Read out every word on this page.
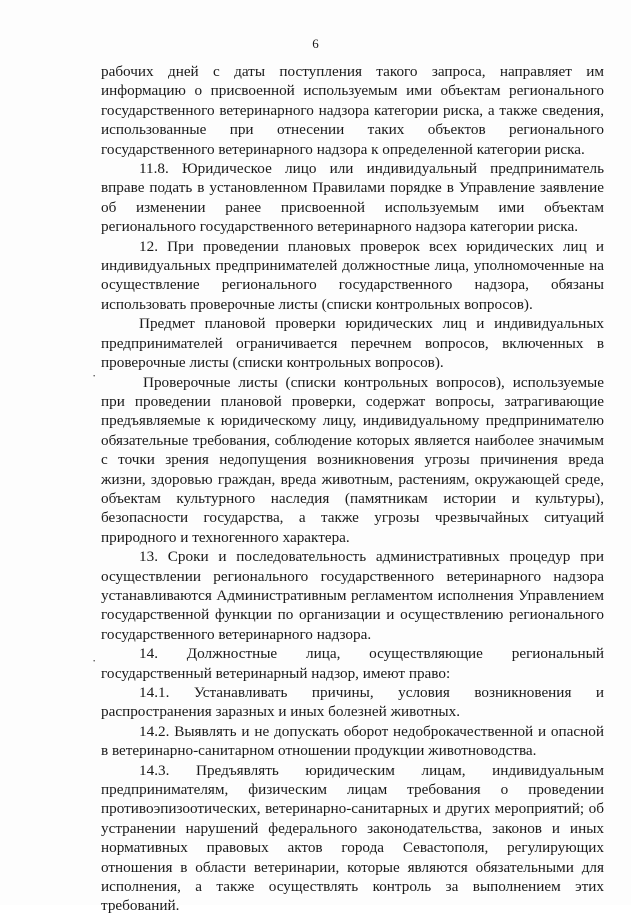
6

рабочих дней с даты поступления такого запроса, направляет им информацию о присвоенной используемым ими объектам регионального государственного ветеринарного надзора категории риска, а также сведения, использованные при отнесении таких объектов регионального государственного ветеринарного надзора к определенной категории риска.

11.8. Юридическое лицо или индивидуальный предприниматель вправе подать в установленном Правилами порядке в Управление заявление об изменении ранее присвоенной используемым ими объектам регионального государственного ветеринарного надзора категории риска.

12. При проведении плановых проверок всех юридических лиц и индивидуальных предпринимателей должностные лица, уполномоченные на осуществление регионального государственного надзора, обязаны использовать проверочные листы (списки контрольных вопросов).

Предмет плановой проверки юридических лиц и индивидуальных предпринимателей ограничивается перечнем вопросов, включенных в проверочные листы (списки контрольных вопросов).

Проверочные листы (списки контрольных вопросов), используемые при проведении плановой проверки, содержат вопросы, затрагивающие предъявляемые к юридическому лицу, индивидуальному предпринимателю обязательные требования, соблюдение которых является наиболее значимым с точки зрения недопущения возникновения угрозы причинения вреда жизни, здоровью граждан, вреда животным, растениям, окружающей среде, объектам культурного наследия (памятникам истории и культуры), безопасности государства, а также угрозы чрезвычайных ситуаций природного и техногенного характера.

13. Сроки и последовательность административных процедур при осуществлении регионального государственного ветеринарного надзора устанавливаются Административным регламентом исполнения Управлением государственной функции по организации и осуществлению регионального государственного ветеринарного надзора.

14. Должностные лица, осуществляющие региональный государственный ветеринарный надзор, имеют право:

14.1. Устанавливать причины, условия возникновения и распространения заразных и иных болезней животных.

14.2. Выявлять и не допускать оборот недоброкачественной и опасной в ветеринарно-санитарном отношении продукции животноводства.

14.3. Предъявлять юридическим лицам, индивидуальным предпринимателям, физическим лицам требования о проведении противоэпизоотических, ветеринарно-санитарных и других мероприятий; об устранении нарушений федерального законодательства, законов и иных нормативных правовых актов города Севастополя, регулирующих отношения в области ветеринарии, которые являются обязательными для исполнения, а также осуществлять контроль за выполнением этих требований.

·
·
